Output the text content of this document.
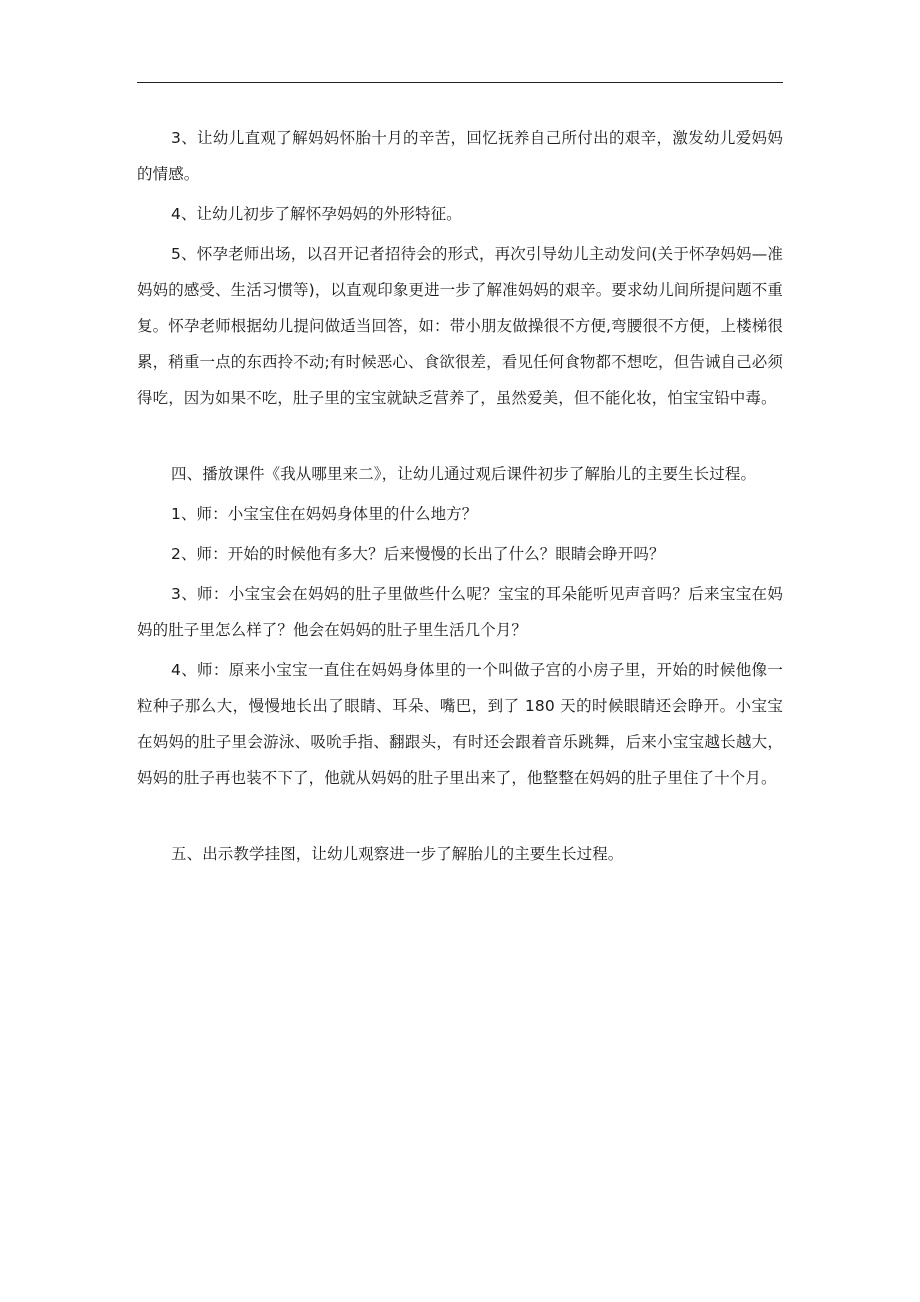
3、让幼儿直观了解妈妈怀胎十月的辛苦，回忆抚养自己所付出的艰辛，激发幼儿爱妈妈的情感。

4、让幼儿初步了解怀孕妈妈的外形特征。

5、怀孕老师出场，以召开记者招待会的形式，再次引导幼儿主动发问(关于怀孕妈妈—准妈妈的感受、生活习惯等)，以直观印象更进一步了解准妈妈的艰辛。要求幼儿间所提问题不重复。怀孕老师根据幼儿提问做适当回答，如：带小朋友做操很不方便,弯腰很不方便，上楼梯很累，稍重一点的东西拎不动;有时候恶心、食欲很差，看见任何食物都不想吃，但告诫自己必须得吃，因为如果不吃，肚子里的宝宝就缺乏营养了，虽然爱美，但不能化妆，怕宝宝铅中毒。

四、播放课件《我从哪里来二》，让幼儿通过观后课件初步了解胎儿的主要生长过程。

1、师：小宝宝住在妈妈身体里的什么地方？

2、师：开始的时候他有多大？后来慢慢的长出了什么？眼睛会睁开吗？

3、师：小宝宝会在妈妈的肚子里做些什么呢？宝宝的耳朵能听见声音吗？后来宝宝在妈妈的肚子里怎么样了？他会在妈妈的肚子里生活几个月？

4、师：原来小宝宝一直住在妈妈身体里的一个叫做子宫的小房子里，开始的时候他像一粒种子那么大，慢慢地长出了眼睛、耳朵、嘴巴，到了 180 天的时候眼睛还会睁开。小宝宝在妈妈的肚子里会游泳、吸吮手指、翻跟头，有时还会跟着音乐跳舞，后来小宝宝越长越大，妈妈的肚子再也装不下了，他就从妈妈的肚子里出来了，他整整在妈妈的肚子里住了十个月。

五、出示教学挂图，让幼儿观察进一步了解胎儿的主要生长过程。
